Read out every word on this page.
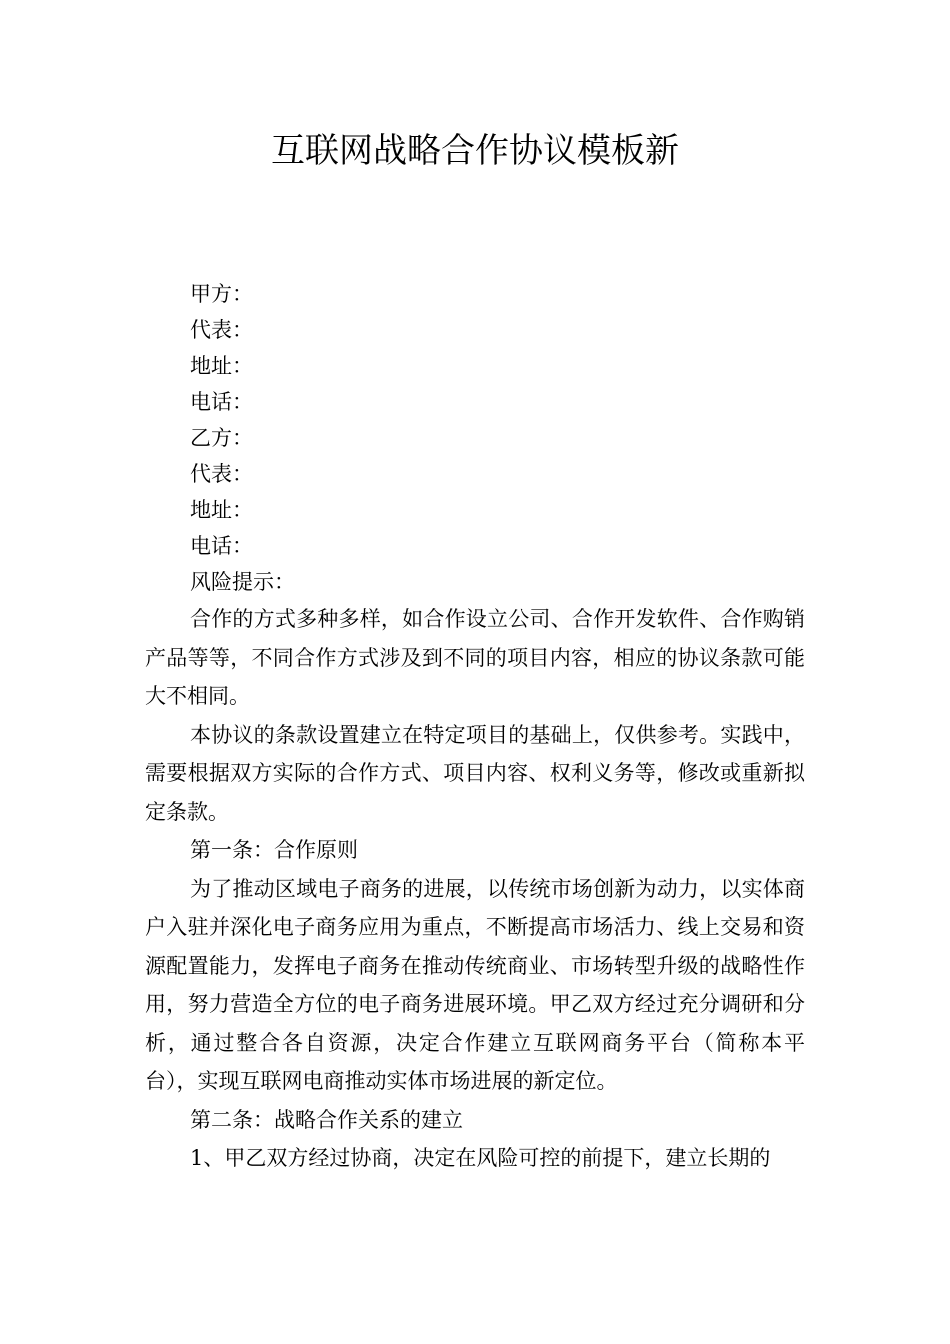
互联网战略合作协议模板新

甲方：

代表：

地址：

电话：

乙方：

代表：

地址：

电话：

风险提示：

合作的方式多种多样，如合作设立公司、合作开发软件、合作购销产品等等，不同合作方式涉及到不同的项目内容，相应的协议条款可能大不相同。

本协议的条款设置建立在特定项目的基础上，仅供参考。实践中，需要根据双方实际的合作方式、项目内容、权利义务等，修改或重新拟定条款。

第一条：合作原则

为了推动区域电子商务的进展，以传统市场创新为动力，以实体商户入驻并深化电子商务应用为重点，不断提高市场活力、线上交易和资源配置能力，发挥电子商务在推动传统商业、市场转型升级的战略性作用，努力营造全方位的电子商务进展环境。甲乙双方经过充分调研和分析，通过整合各自资源，决定合作建立互联网商务平台（简称本平台），实现互联网电商推动实体市场进展的新定位。

第二条：战略合作关系的建立

1、甲乙双方经过协商，决定在风险可控的前提下，建立长期的
